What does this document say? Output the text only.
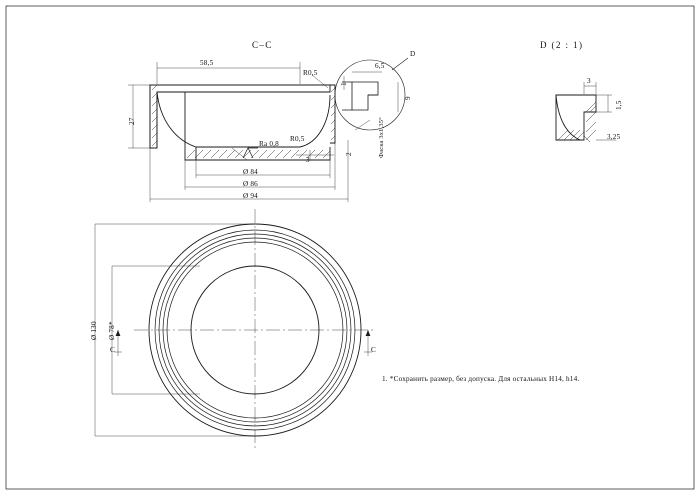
C–C
58,5
R0,5
27
R0,5
3
2
Ø 84
Ø 86
Ø 94
Ra 0,8	Фаска 3х1,35°
D
6,5
9
1
D (2 : 1)
3
1,5
3,25
Ø 130 Ø 78*
C	C
1. *Сохранить размер, без допуска. Для остальных H14, h14.
